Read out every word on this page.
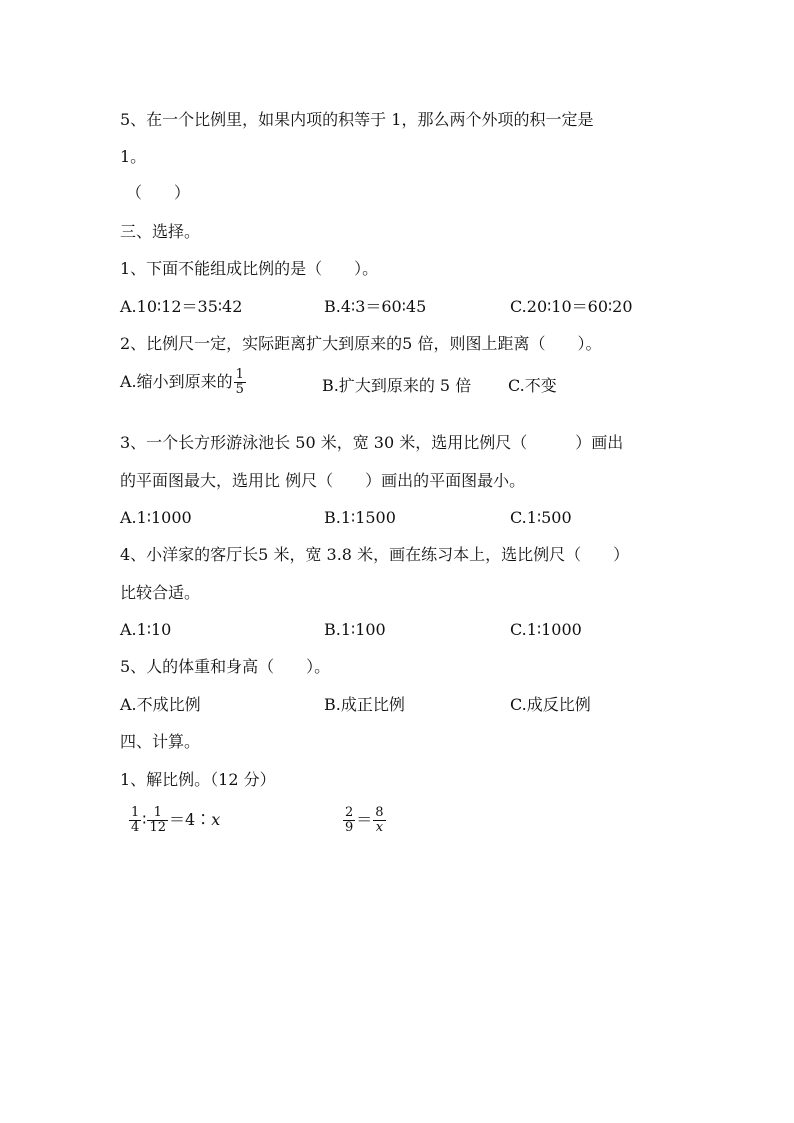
5、在一个比例里，如果内项的积等于 1，那么两个外项的积一定是
1。
（　　）
三、选择。
1、下面不能组成比例的是（　　）。
A.10∶12＝35∶42	B.4∶3＝60∶45	C.20∶10＝60∶20
2、比例尺一定，实际距离扩大到原来的5 倍，则图上距离（　　）。
A.缩小到原来的 $\frac{1}{5}$	B.扩大到原来的 5 倍 C.不变
3、一个长方形游泳池长 50 米，宽 30 米，选用比例尺（　　　）画出
的平面图最大，选用比 例尺（　　）画出的平面图最小。
A.1∶1000	B.1∶1500	C.1∶500
4、小洋家的客厅长5 米，宽 3.8 米，画在练习本上，选比例尺（　　）
比较合适。
A.1∶10	B.1∶100	C.1∶1000
5、人的体重和身高（　　）。
A.不成比例	B.成正比例	C.成反比例
四、计算。
1、解比例。（12 分）
$\frac{1}{4}$ ∶ $\frac{1}{12}$ ＝4∶x	$\frac{2}{9} = \frac{8}{x}$
